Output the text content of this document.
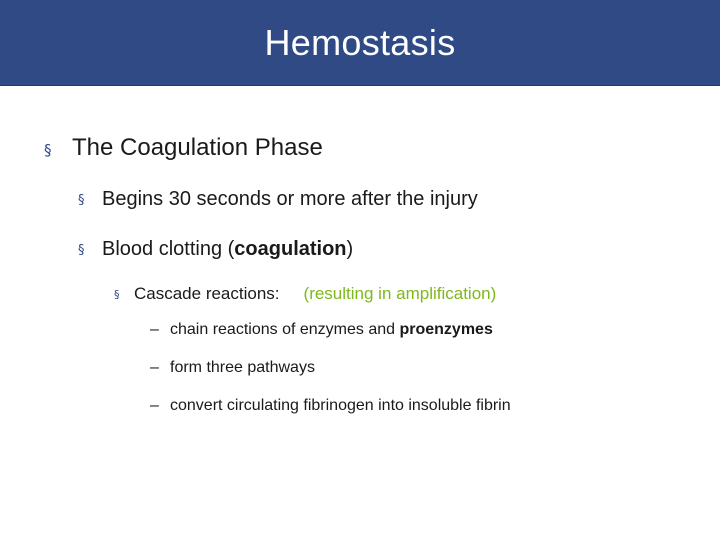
Hemostasis
§ The Coagulation Phase
§ Begins 30 seconds or more after the injury
§ Blood clotting (coagulation)
§ Cascade reactions: (resulting in amplification)
– chain reactions of enzymes and proenzymes
– form three pathways
– convert circulating fibrinogen into insoluble fibrin
